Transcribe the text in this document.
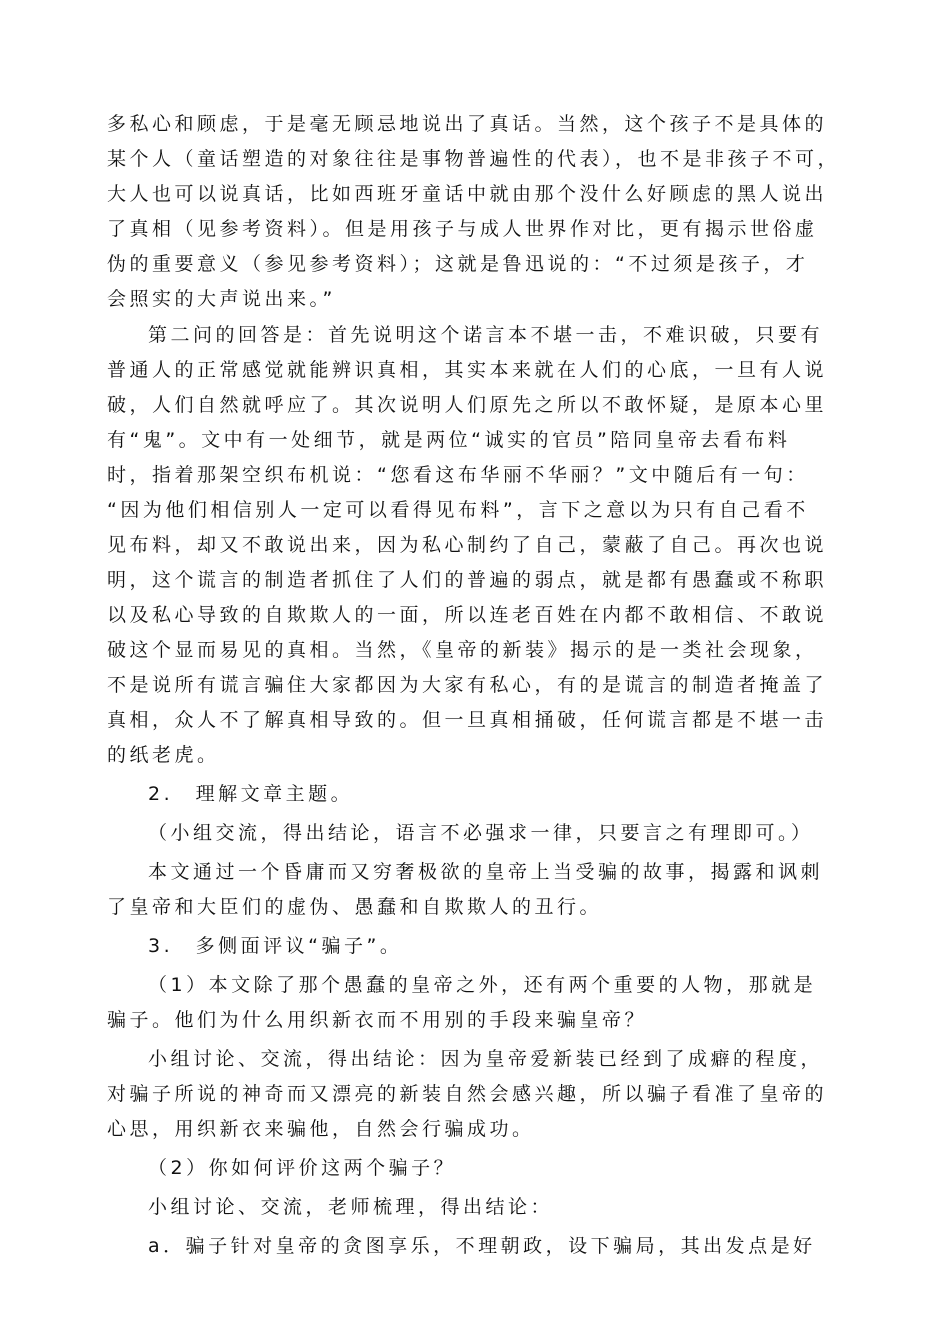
多私心和顾虑，于是毫无顾忌地说出了真话。当然，这个孩子不是具体的
某个人（童话塑造的对象往往是事物普遍性的代表），也不是非孩子不可，
大人也可以说真话，比如西班牙童话中就由那个没什么好顾虑的黑人说出
了真相（见参考资料）。但是用孩子与成人世界作对比，更有揭示世俗虚
伪的重要意义（参见参考资料）；这就是鲁迅说的：“不过须是孩子，才
会照实的大声说出来。”
第二问的回答是：首先说明这个诺言本不堪一击，不难识破，只要有
普通人的正常感觉就能辨识真相，其实本来就在人们的心底，一旦有人说
破，人们自然就呼应了。其次说明人们原先之所以不敢怀疑，是原本心里
有“鬼”。文中有一处细节，就是两位“诚实的官员”陪同皇帝去看布料
时，指着那架空织布机说：“您看这布华丽不华丽？”文中随后有一句：
“因为他们相信别人一定可以看得见布料”，言下之意以为只有自己看不
见布料，却又不敢说出来，因为私心制约了自己，蒙蔽了自己。再次也说
明，这个谎言的制造者抓住了人们的普遍的弱点，就是都有愚蠢或不称职
以及私心导致的自欺欺人的一面，所以连老百姓在内都不敢相信、不敢说
破这个显而易见的真相。当然，《皇帝的新装》揭示的是一类社会现象，
不是说所有谎言骗住大家都因为大家有私心，有的是谎言的制造者掩盖了
真相，众人不了解真相导致的。但一旦真相捅破，任何谎言都是不堪一击
的纸老虎。
2.　理解文章主题。
（小组交流，得出结论，语言不必强求一律，只要言之有理即可。）
本文通过一个昏庸而又穷奢极欲的皇帝上当受骗的故事，揭露和讽刺
了皇帝和大臣们的虚伪、愚蠢和自欺欺人的丑行。
3.　多侧面评议“骗子”。
（1）本文除了那个愚蠢的皇帝之外，还有两个重要的人物，那就是
骗子。他们为什么用织新衣而不用别的手段来骗皇帝？
小组讨论、交流，得出结论：因为皇帝爱新装已经到了成癖的程度，
对骗子所说的神奇而又漂亮的新装自然会感兴趣，所以骗子看准了皇帝的
心思，用织新衣来骗他，自然会行骗成功。
（2）你如何评价这两个骗子？
小组讨论、交流，老师梳理，得出结论：
a．骗子针对皇帝的贪图享乐，不理朝政，设下骗局，其出发点是好
